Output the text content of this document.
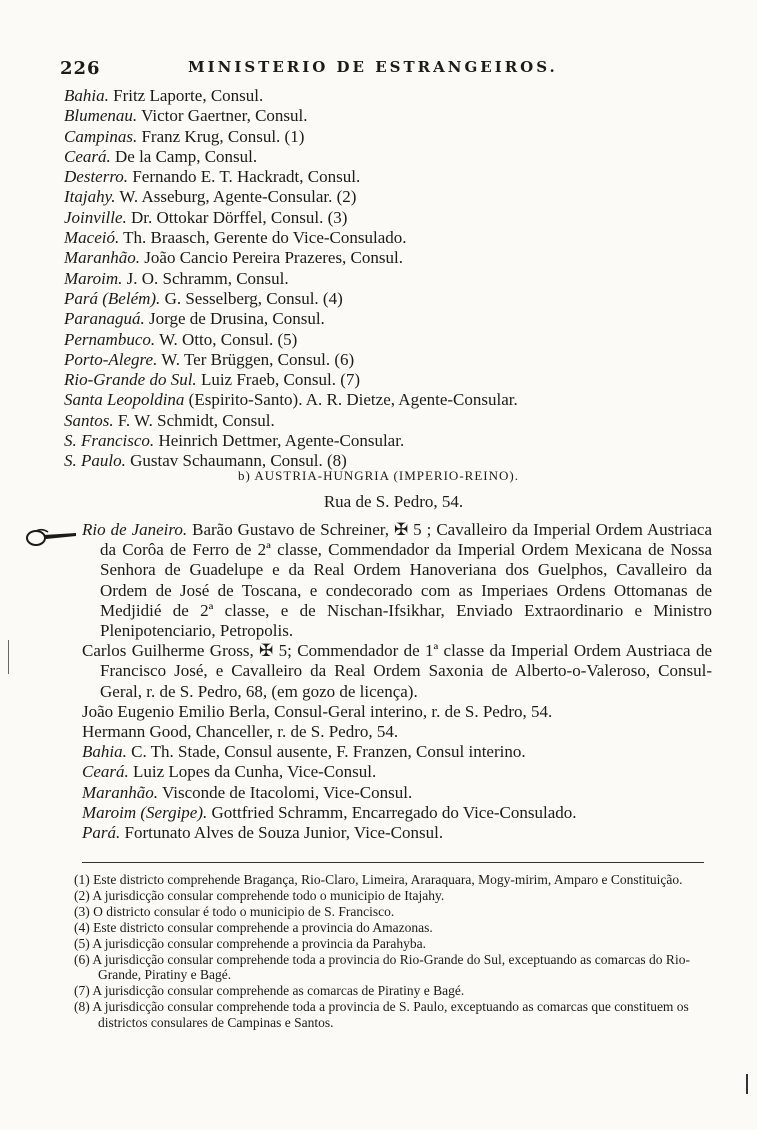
226	MINISTERIO DE ESTRANGEIROS.
Bahia. Fritz Laporte, Consul.
Blumenau. Victor Gaertner, Consul.
Campinas. Franz Krug, Consul. (1)
Ceará. De la Camp, Consul.
Desterro. Fernando E. T. Hackradt, Consul.
Itajahy. W. Asseburg, Agente-Consular. (2)
Joinville. Dr. Ottokar Dörffel, Consul. (3)
Maceió. Th. Braasch, Gerente do Vice-Consulado.
Maranhão. João Cancio Pereira Prazeres, Consul.
Maroim. J. O. Schramm, Consul.
Pará (Belém). G. Sesselberg, Consul. (4)
Paranaguá. Jorge de Drusina, Consul.
Pernambuco. W. Otto, Consul. (5)
Porto-Alegre. W. Ter Brüggen, Consul. (6)
Rio-Grande do Sul. Luiz Fraeb, Consul. (7)
Santa Leopoldina (Espirito-Santo). A. R. Dietze, Agente-Consular.
Santos. F. W. Schmidt, Consul.
S. Francisco. Heinrich Dettmer, Agente-Consular.
S. Paulo. Gustav Schaumann, Consul. (8)
b) AUSTRIA-HUNGRIA (IMPERIO-REINO).
Rua de S. Pedro, 54.
Rio de Janeiro. Barão Gustavo de Schreiner, ✠ 5 ; Cavalleiro da Imperial Ordem Austriaca da Corôa de Ferro de 2ª classe, Commendador da Imperial Ordem Mexicana de Nossa Senhora de Guadelupe e da Real Ordem Hanoveriana dos Guelphos, Cavalleiro da Ordem de José de Toscana, e condecorado com as Imperiaes Ordens Ottomanas de Medjidié de 2ª classe, e de Nischan-Ifsikhar, Enviado Extraordinario e Ministro Plenipotenciario, Petropolis.
Carlos Guilherme Gross, ✠ 5; Commendador de 1ª classe da Imperial Ordem Austriaca de Francisco José, e Cavalleiro da Real Ordem Saxonia de Alberto-o-Valeroso, Consul-Geral, r. de S. Pedro, 68, (em gozo de licença).
João Eugenio Emilio Berla, Consul-Geral interino, r. de S. Pedro, 54.
Hermann Good, Chanceller, r. de S. Pedro, 54.
Bahia. C. Th. Stade, Consul ausente, F. Franzen, Consul interino.
Ceará. Luiz Lopes da Cunha, Vice-Consul.
Maranhão. Visconde de Itacolomi, Vice-Consul.
Maroim (Sergipe). Gottfried Schramm, Encarregado do Vice-Consulado.
Pará. Fortunato Alves de Souza Junior, Vice-Consul.
(1) Este districto comprehende Bragança, Rio-Claro, Limeira, Araraquara, Mogy-mirim, Amparo e Constituição.
(2) A jurisdicção consular comprehende todo o municipio de Itajahy.
(3) O districto consular é todo o municipio de S. Francisco.
(4) Este districto consular comprehende a provincia do Amazonas.
(5) A jurisdicção consular comprehende a provincia da Parahyba.
(6) A jurisdicção consular comprehende toda a provincia do Rio-Grande do Sul, exceptuando as comarcas do Rio-Grande, Piratiny e Bagé.
(7) A jurisdicção consular comprehende as comarcas de Piratiny e Bagé.
(8) A jurisdicção consular comprehende toda a provincia de S. Paulo, exceptuando as comarcas que constituem os districtos consulares de Campinas e Santos.
